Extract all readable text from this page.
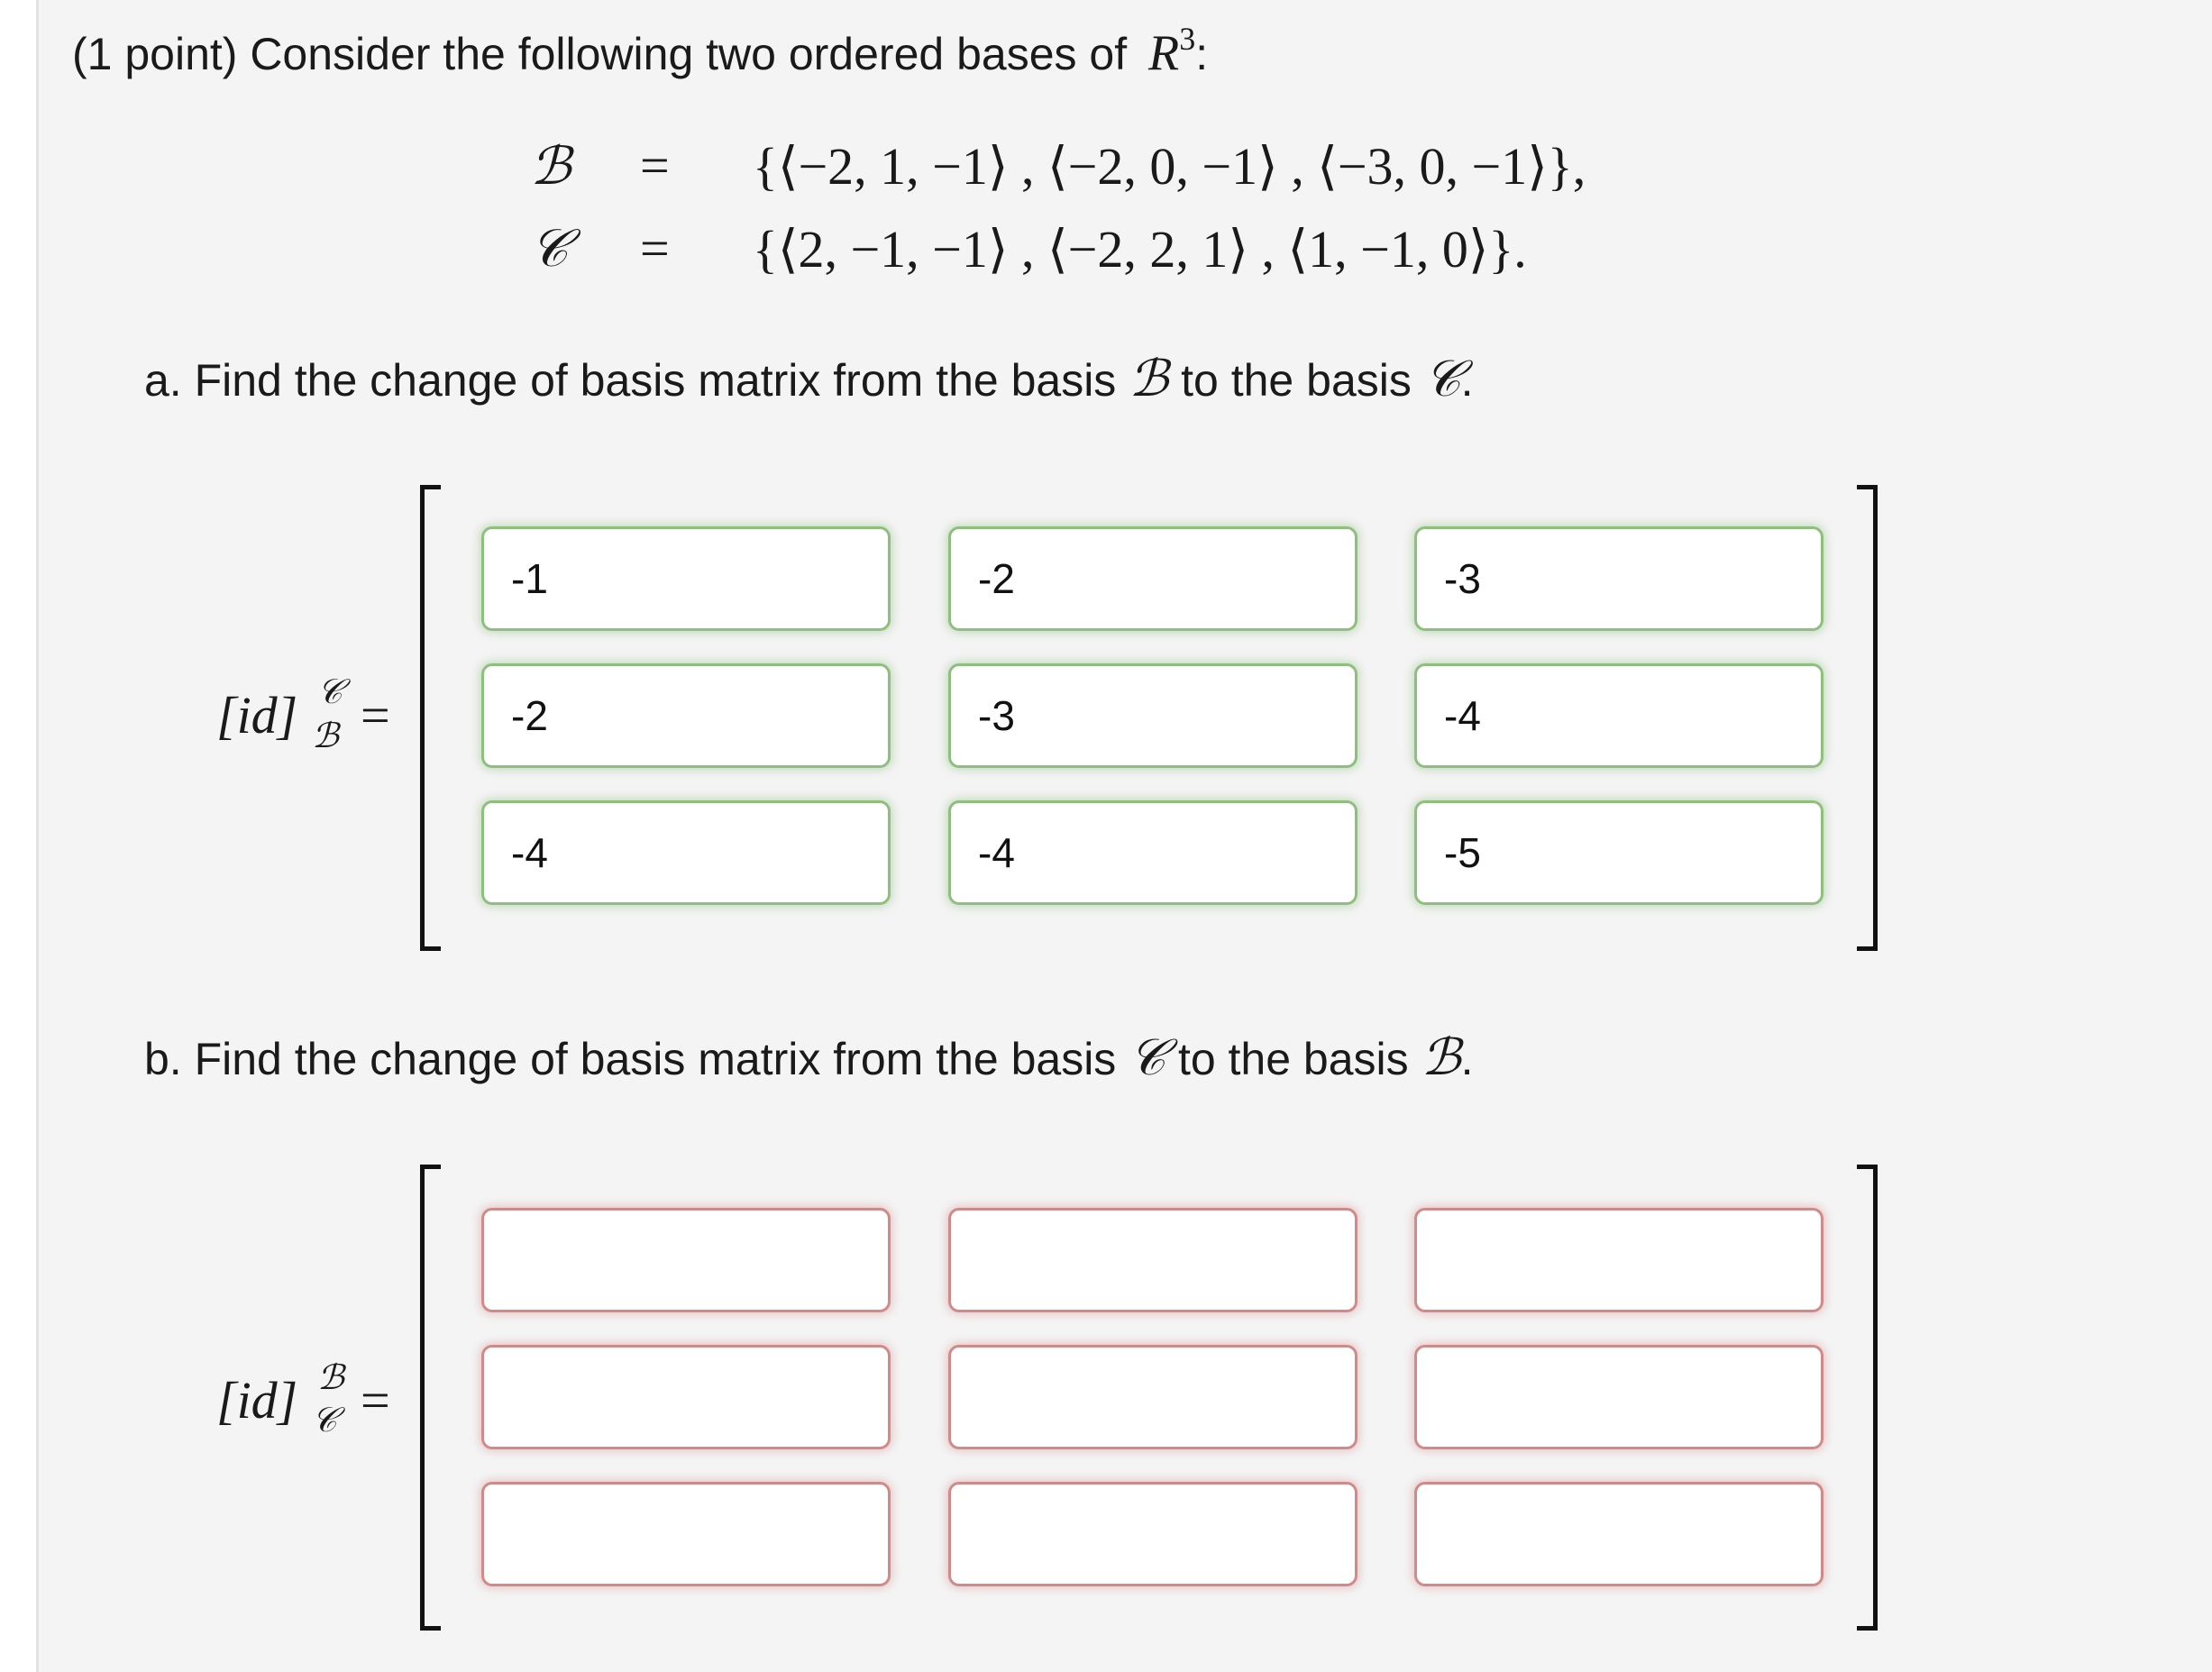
(1 point) Consider the following two ordered bases of $R^3$:
ℬ = {⟨−2, 1, −1⟩ , ⟨−2, 0, −1⟩ , ⟨−3, 0, −1⟩},
𝒞 = {⟨2, −1, −1⟩ , ⟨−2, 2, 1⟩ , ⟨1, −1, 0⟩}.
a. Find the change of basis matrix from the basis ℬ to the basis 𝒞.
[id] 𝒞
ℬ =
-1
-2
-3
-2
-3
-4
-4
-4
-5
b. Find the change of basis matrix from the basis 𝒞 to the basis ℬ.
[id] ℬ
𝒞 =
